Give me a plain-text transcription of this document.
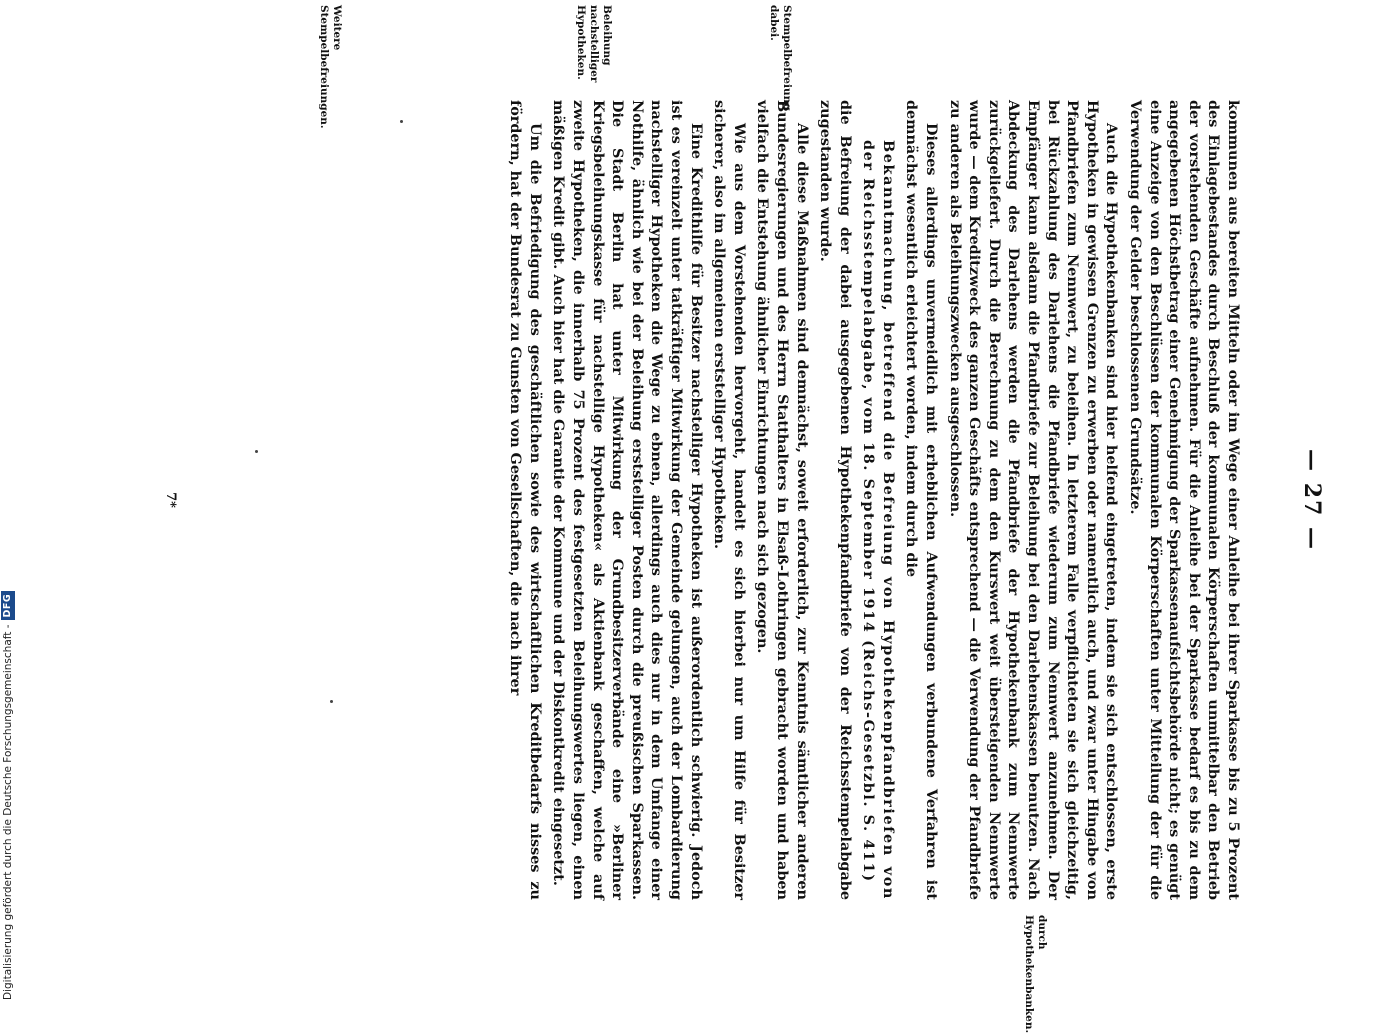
— 27 —

kommunen aus bereiten Mitteln oder im Wege einer Anleihe bei ihrer Sparkasse bis zu 5 Prozent des Einlagebestandes durch Beschluß der kommunalen Körperschaften unmittelbar den Betrieb der vorstehenden Geschäfte aufnehmen. Für die Anleihe bei der Sparkasse bedarf es bis zu dem angegebenen Höchstbetrag einer Genehmigung der Sparkassenaufsichtsbehörde nicht; es genügt eine Anzeige von den Beschlüssen der kommunalen Körperschaften unter Mitteilung der für die Verwendung der Gelder beschlossenen Grundsätze.

Auch die Hypothekenbanken sind hier helfend eingetreten, indem sie sich entschlossen, erste Hypotheken in gewissen Grenzen zu erwerben oder namentlich auch, und zwar unter Hingabe von Pfandbriefen zum Nennwert, zu beleihen. In letzterem Falle verpflichteten sie sich gleichzeitig, bei Rückzahlung des Darlehens die Pfandbriefe wiederum zum Nennwert anzunehmen. Der Empfänger kann alsdann die Pfandbriefe zur Beleihung bei den Darlehenskassen benutzen. Nach Abdeckung des Darlehens werden die Pfandbriefe der Hypothekenbank zum Nennwerte zurückgeliefert. Durch die Berechnung zu dem den Kurswert weit übersteigenden Nennwerte wurde — dem Kreditzweck des ganzen Geschäfts entsprechend — die Verwendung der Pfandbriefe zu anderen als Beleihungszwecken ausgeschlossen.

Dieses allerdings unvermeidlich mit erheblichen Aufwendungen verbundene Verfahren ist demnächst wesentlich erleichtert worden, indem durch die

Bekanntmachung, betreffend die Befreiung von Hypothekenpfandbriefen von der Reichsstempelabgabe, vom 18. September 1914 (Reichs-Gesetzbl. S. 411)

die Befreiung der dabei ausgegebenen Hypothekenpfandbriefe von der Reichsstempelabgabe zugestanden wurde.

Alle diese Maßnahmen sind demnächst, soweit erforderlich, zur Kenntnis sämtlicher anderen Bundesregierungen und des Herrn Statthalters in Elsaß-Lothringen gebracht worden und haben vielfach die Entstehung ähnlicher Einrichtungen nach sich gezogen.

Wie aus dem Vorstehenden hervorgeht, handelt es sich hierbei nur um Hilfe für Besitzer sicherer, also im allgemeinen erststelliger Hypotheken.

Eine Kredithilfe für Besitzer nachstelliger Hypotheken ist außerordentlich schwierig. Jedoch ist es vereinzelt unter tatkräftiger Mitwirkung der Gemeinde gelungen, auch der Lombardierung nachstelliger Hypotheken die Wege zu ebnen, allerdings auch dies nur in dem Umfange einer Nothilfe, ähnlich wie bei der Beleihung erststelliger Posten durch die preußischen Sparkassen. Die Stadt Berlin hat unter Mitwirkung der Grundbesitzerverbände eine »Berliner Kriegsbeleihungskasse für nachstellige Hypotheken« als Aktienbank geschaffen, welche auf zweite Hypotheken, die innerhalb 75 Prozent des festgesetzten Beleihungswertes liegen, einen mäßigen Kredit gibt. Auch hier hat die Garantie der Kommune und der Diskontkredit eingesetzt.

Um die Befriedigung des geschäftlichen sowie des wirtschaftlichen Kreditbedarfs nisses zu fördern, hat der Bundesrat zu Gunsten von Gesellschaften, die nach ihrer

durch Hypothekenbanken.
Stempelbefreiung dabei.
Beleihung nachstelliger Hypotheken.
Weitere Stempelbefreiungen.
7*
Digitalisierung gefördert durch die Deutsche Forschungsgemeinschaft -
DFG
